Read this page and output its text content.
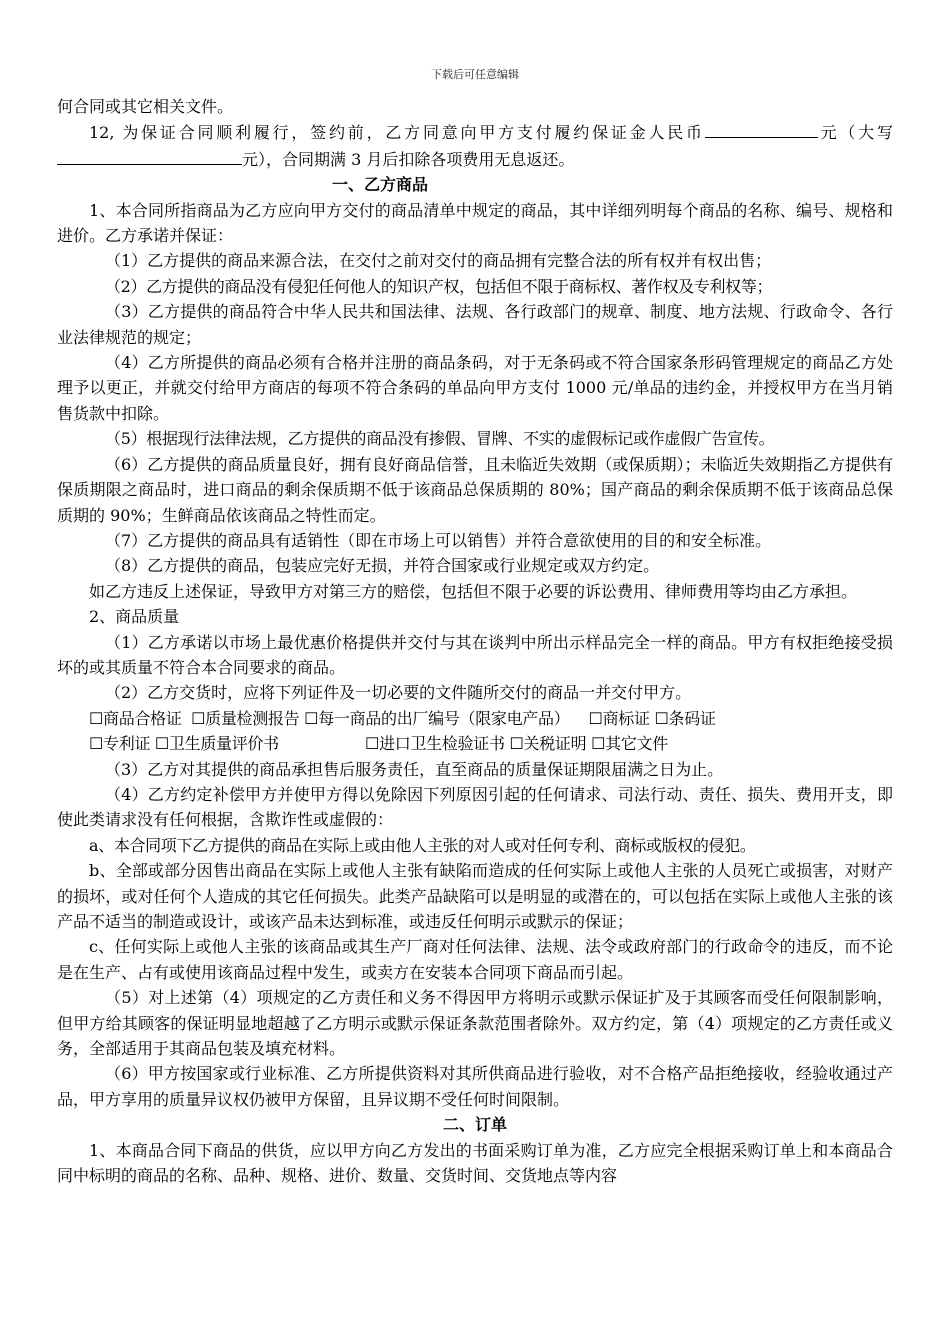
下载后可任意编辑

何合同或其它相关文件。

12, 为保证合同顺利履行，签约前，乙方同意向甲方支付履约保证金人民币	元（大写元），合同期满 3 月后扣除各项费用无息返还。

一、乙方商品

1、本合同所指商品为乙方应向甲方交付的商品清单中规定的商品，其中详细列明每个商品的名称、编号、规格和进价。乙方承诺并保证：

（1）乙方提供的商品来源合法，在交付之前对交付的商品拥有完整合法的所有权并有权出售；

（2）乙方提供的商品没有侵犯任何他人的知识产权，包括但不限于商标权、著作权及专利权等；

（3）乙方提供的商品符合中华人民共和国法律、法规、各行政部门的规章、制度、地方法规、行政命令、各行业法律规范的规定；

（4）乙方所提供的商品必须有合格并注册的商品条码，对于无条码或不符合国家条形码管理规定的商品乙方处理予以更正，并就交付给甲方商店的每项不符合条码的单品向甲方支付 1000 元/单品的违约金，并授权甲方在当月销售货款中扣除。

（5）根据现行法律法规，乙方提供的商品没有掺假、冒牌、不实的虚假标记或作虚假广告宣传。

（6）乙方提供的商品质量良好，拥有良好商品信誉，且未临近失效期（或保质期）；未临近失效期指乙方提供有保质期限之商品时，进口商品的剩余保质期不低于该商品总保质期的 80%；国产商品的剩余保质期不低于该商品总保质期的 90%；生鲜商品依该商品之特性而定。

（7）乙方提供的商品具有适销性（即在市场上可以销售）并符合意欲使用的目的和安全标准。

（8）乙方提供的商品，包装应完好无损，并符合国家或行业规定或双方约定。

如乙方违反上述保证，导致甲方对第三方的赔偿，包括但不限于必要的诉讼费用、律师费用等均由乙方承担。

2、商品质量

（1）乙方承诺以市场上最优惠价格提供并交付与其在谈判中所出示样品完全一样的商品。甲方有权拒绝接受损坏的或其质量不符合本合同要求的商品。

（2）乙方交货时，应将下列证件及一切必要的文件随所交付的商品一并交付甲方。

☐商品合格证  ☐质量检测报告 ☐每一商品的出厂编号（限家电产品）    ☐商标证 ☐条码证

☐专利证 ☐卫生质量评价书                  ☐进口卫生检验证书 ☐关税证明 ☐其它文件

（3）乙方对其提供的商品承担售后服务责任，直至商品的质量保证期限届满之日为止。

（4）乙方约定补偿甲方并使甲方得以免除因下列原因引起的任何请求、司法行动、责任、损失、费用开支，即使此类请求没有任何根据，含欺诈性或虚假的：

a、本合同项下乙方提供的商品在实际上或由他人主张的对人或对任何专利、商标或版权的侵犯。

b、全部或部分因售出商品在实际上或他人主张有缺陷而造成的任何实际上或他人主张的人员死亡或损害，对财产的损坏，或对任何个人造成的其它任何损失。此类产品缺陷可以是明显的或潜在的，可以包括在实际上或他人主张的该产品不适当的制造或设计，或该产品未达到标准，或违反任何明示或默示的保证；

c、任何实际上或他人主张的该商品或其生产厂商对任何法律、法规、法令或政府部门的行政命令的违反，而不论是在生产、占有或使用该商品过程中发生，或卖方在安装本合同项下商品而引起。

（5）对上述第（4）项规定的乙方责任和义务不得因甲方将明示或默示保证扩及于其顾客而受任何限制影响，但甲方给其顾客的保证明显地超越了乙方明示或默示保证条款范围者除外。双方约定，第（4）项规定的乙方责任或义务，全部适用于其商品包装及填充材料。

（6）甲方按国家或行业标准、乙方所提供资料对其所供商品进行验收，对不合格产品拒绝接收，经验收通过产品，甲方享用的质量异议权仍被甲方保留，且异议期不受任何时间限制。

二、订单

1、本商品合同下商品的供货，应以甲方向乙方发出的书面采购订单为准，乙方应完全根据采购订单上和本商品合同中标明的商品的名称、品种、规格、进价、数量、交货时间、交货地点等内容
